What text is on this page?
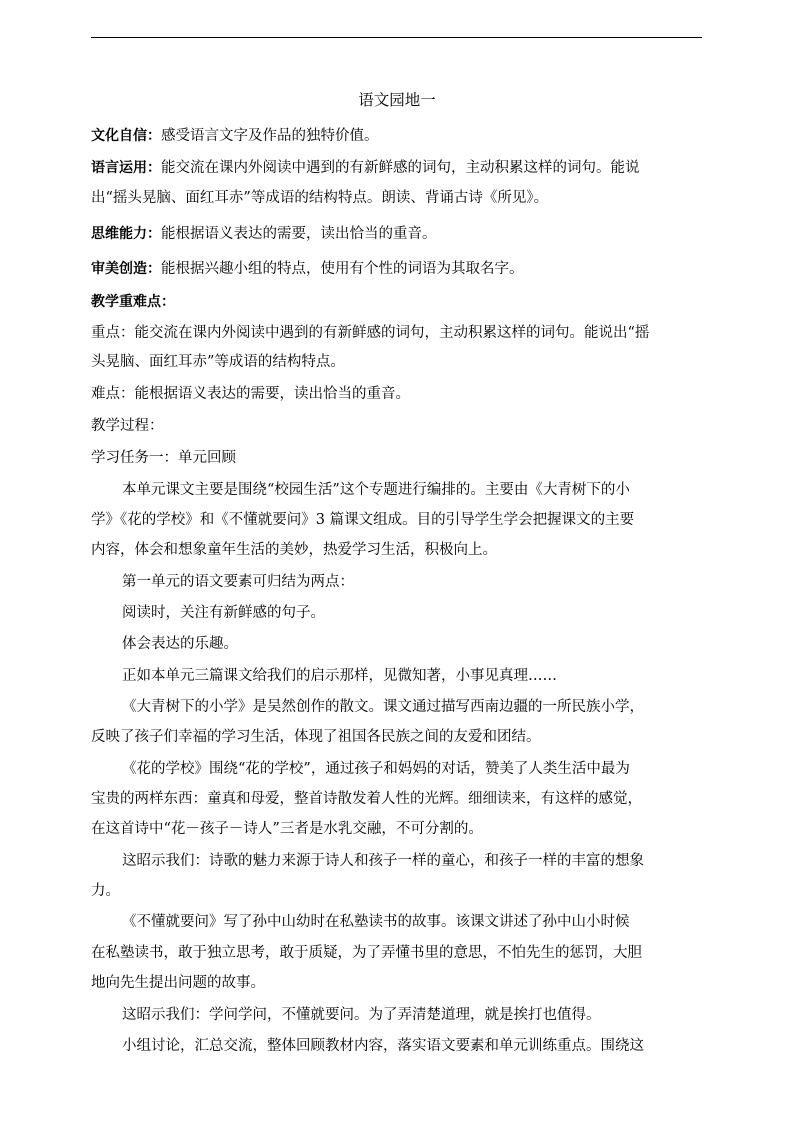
语文园地一
文化自信：感受语言文字及作品的独特价值。
语言运用：能交流在课内外阅读中遇到的有新鲜感的词句，主动积累这样的词句。能说
出“摇头晃脑、面红耳赤”等成语的结构特点。朗读、背诵古诗《所见》。
思维能力：能根据语义表达的需要，读出恰当的重音。
审美创造：能根据兴趣小组的特点，使用有个性的词语为其取名字。
教学重难点：
重点：能交流在课内外阅读中遇到的有新鲜感的词句，主动积累这样的词句。能说出“摇
头晃脑、面红耳赤”等成语的结构特点。
难点：能根据语义表达的需要，读出恰当的重音。
教学过程：
学习任务一：单元回顾
本单元课文主要是围绕“校园生活”这个专题进行编排的。主要由《大青树下的小
学》《花的学校》和《不懂就要问》3 篇课文组成。目的引导学生学会把握课文的主要
内容，体会和想象童年生活的美妙，热爱学习生活，积极向上。
第一单元的语文要素可归结为两点：
阅读时，关注有新鲜感的句子。
体会表达的乐趣。
正如本单元三篇课文给我们的启示那样，见微知著，小事见真理……
《大青树下的小学》是吴然创作的散文。课文通过描写西南边疆的一所民族小学，
反映了孩子们幸福的学习生活，体现了祖国各民族之间的友爱和团结。
《花的学校》围绕“花的学校”，通过孩子和妈妈的对话，赞美了人类生活中最为
宝贵的两样东西：童真和母爱，整首诗散发着人性的光辉。细细读来，有这样的感觉，
在这首诗中“花－孩子－诗人”三者是水乳交融，不可分割的。
这昭示我们：诗歌的魅力来源于诗人和孩子一样的童心，和孩子一样的丰富的想象
力。
《不懂就要问》写了孙中山幼时在私塾读书的故事。该课文讲述了孙中山小时候
在私塾读书，敢于独立思考，敢于质疑，为了弄懂书里的意思，不怕先生的惩罚，大胆
地向先生提出问题的故事。
这昭示我们：学问学问，不懂就要问。为了弄清楚道理，就是挨打也值得。
小组讨论，汇总交流，整体回顾教材内容，落实语文要素和单元训练重点。围绕这
